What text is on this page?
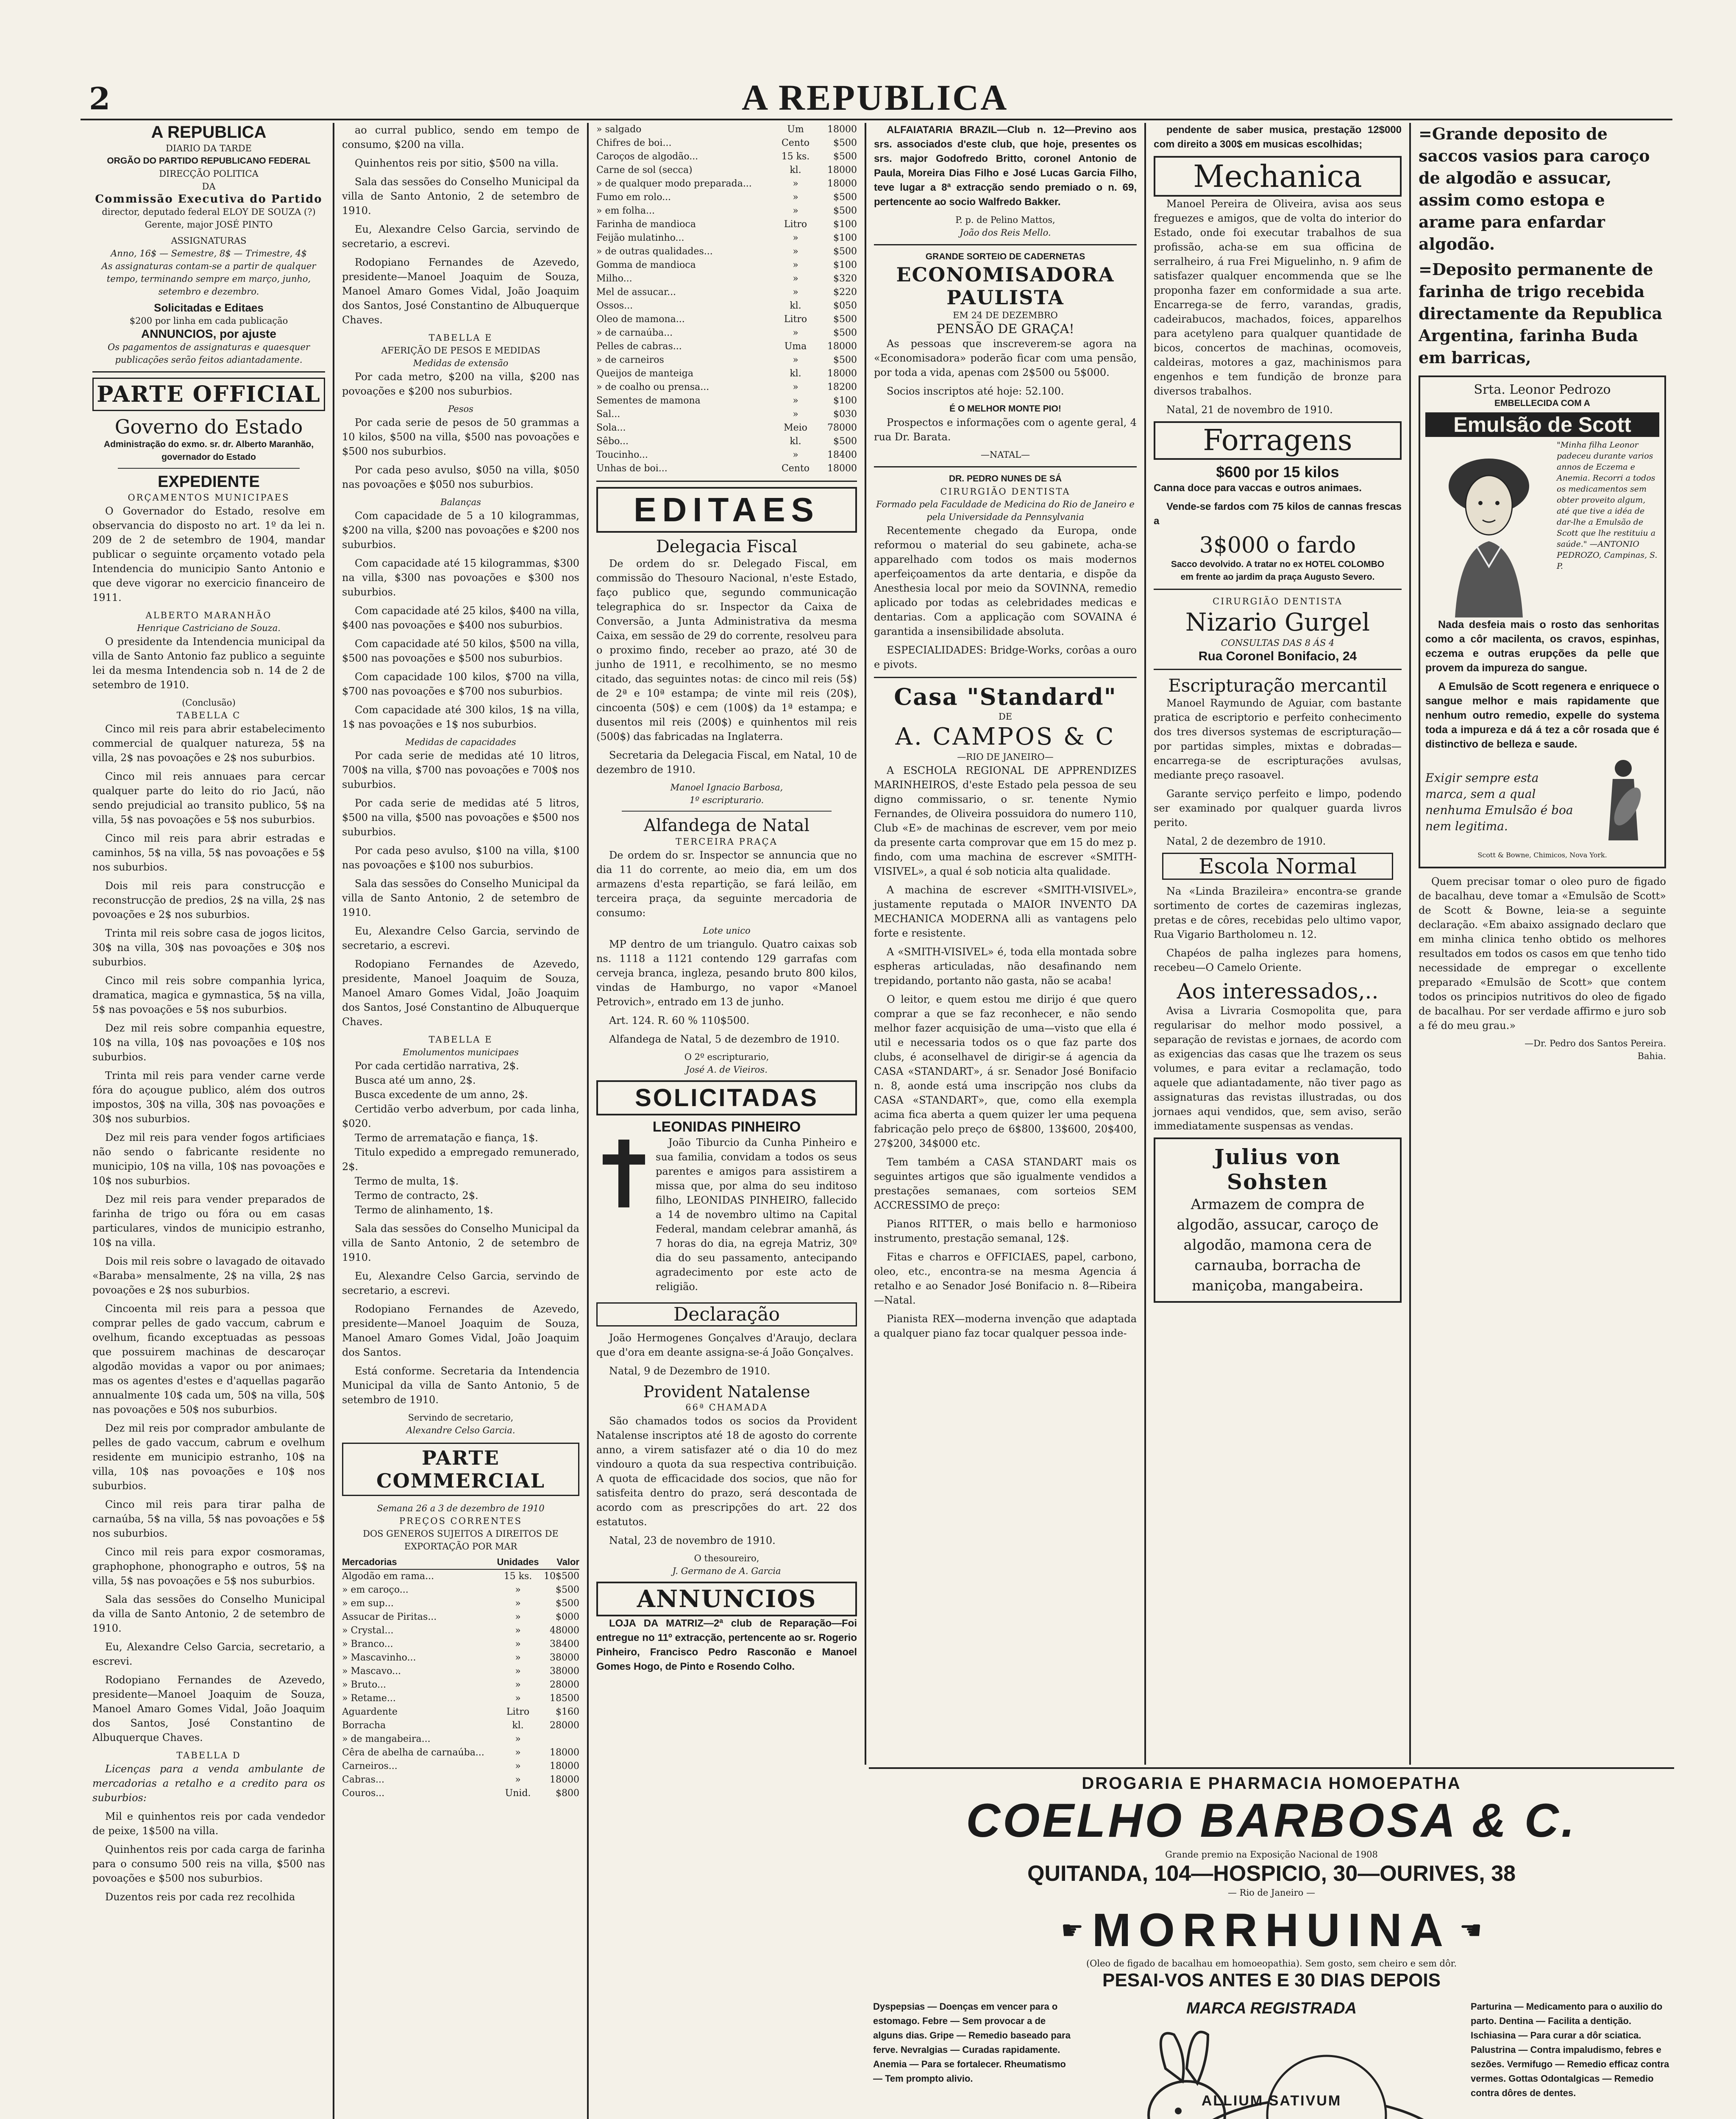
2	A REPUBLICA
A REPUBLICA
DIARIO DA TARDE
ORGÃO DO PARTIDO REPUBLICANO FEDERAL
DIRECÇÃO POLITICA
DA
Commissão Executiva do Partido
director, deputado federal ELOY DE SOUZA (?)
Gerente, major JOSÉ PINTO
ASSIGNATURAS
Anno, 16$ — Semestre, 8$ — Trimestre, 4$
As assignaturas contam-se a partir de qualquer tempo, terminando sempre em março, junho, setembro e dezembro.
Solicitadas e Editaes
$200 por linha em cada publicação
ANNUNCIOS, por ajuste
Os pagamentos de assignaturas e quaesquer publicações serão feitos adiantadamente.
PARTE OFFICIAL
Governo do Estado
Administração do exmo. sr. dr. Alberto Maranhão, governador do Estado
EXPEDIENTE
ORÇAMENTOS MUNICIPAES

O Governador do Estado, resolve em observancia do disposto no art. 1º da lei n. 209 de 2 de setembro de 1904, mandar publicar o seguinte orçamento votado pela Intendencia do municipio Santo Antonio e que deve vigorar no exercicio financeiro de 1911.

ALBERTO MARANHÃO
Henrique Castriciano de Souza.

O presidente da Intendencia municipal da villa de Santo Antonio faz publico a seguinte lei da mesma Intendencia sob n. 14 de 2 de setembro de 1910.

(Conclusão)
TABELLA C

Cinco mil reis para abrir estabelecimento commercial de qualquer natureza, 5$ na villa, 2$ nas povoações e 2$ nos suburbios.

Cinco mil reis annuaes para cercar qualquer parte do leito do rio Jacú, não sendo prejudicial ao transito publico, 5$ na villa, 5$ nas povoações e 5$ nos suburbios.

Cinco mil reis para abrir estradas e caminhos, 5$ na villa, 5$ nas povoações e 5$ nos suburbios.

Dois mil reis para construcção e reconstrucção de predios, 2$ na villa, 2$ nas povoações e 2$ nos suburbios.

Trinta mil reis sobre casa de jogos licitos, 30$ na villa, 30$ nas povoações e 30$ nos suburbios.

Cinco mil reis sobre companhia lyrica, dramatica, magica e gymnastica, 5$ na villa, 5$ nas povoações e 5$ nos suburbios.

Dez mil reis sobre companhia equestre, 10$ na villa, 10$ nas povoações e 10$ nos suburbios.

Trinta mil reis para vender carne verde fóra do açougue publico, além dos outros impostos, 30$ na villa, 30$ nas povoações e 30$ nos suburbios.

Dez mil reis para vender fogos artificiaes não sendo o fabricante residente no municipio, 10$ na villa, 10$ nas povoações e 10$ nos suburbios.

Dez mil reis para vender preparados de farinha de trigo ou fóra ou em casas particulares, vindos de municipio estranho, 10$ na villa.

Dois mil reis sobre o lavagado de oitavado «Baraba» mensalmente, 2$ na villa, 2$ nas povoações e 2$ nos suburbios.

Cincoenta mil reis para a pessoa que comprar pelles de gado vaccum, cabrum e ovelhum, ficando exceptuadas as pessoas que possuirem machinas de descaroçar algodão movidas a vapor ou por animaes; mas os agentes d'estes e d'aquellas pagarão annualmente 10$ cada um, 50$ na villa, 50$ nas povoações e 50$ nos suburbios.

Dez mil reis por comprador ambulante de pelles de gado vaccum, cabrum e ovelhum residente em municipio estranho, 10$ na villa, 10$ nas povoações e 10$ nos suburbios.

Cinco mil reis para tirar palha de carnaúba, 5$ na villa, 5$ nas povoações e 5$ nos suburbios.

Cinco mil reis para expor cosmoramas, graphophone, phonographo e outros, 5$ na villa, 5$ nas povoações e 5$ nos suburbios.

Sala das sessões do Conselho Municipal da villa de Santo Antonio, 2 de setembro de 1910.

Eu, Alexandre Celso Garcia, secretario, a escrevi.

Rodopiano Fernandes de Azevedo, presidente—Manoel Joaquim de Souza, Manoel Amaro Gomes Vidal, João Joaquim dos Santos, José Constantino de Albuquerque Chaves.

TABELLA D

Licenças para a venda ambulante de mercadorias a retalho e a credito para os suburbios:

Mil e quinhentos reis por cada vendedor de peixe, 1$500 na villa.

Quinhentos reis por cada carga de farinha para o consumo 500 reis na villa, $500 nas povoações e $500 nos suburbios.

Duzentos reis por cada rez recolhida

ao curral publico, sendo em tempo de consumo, $200 na villa.

Quinhentos reis por sitio, $500 na villa.

Sala das sessões do Conselho Municipal da villa de Santo Antonio, 2 de setembro de 1910.

Eu, Alexandre Celso Garcia, servindo de secretario, a escrevi.

Rodopiano Fernandes de Azevedo, presidente—Manoel Joaquim de Souza, Manoel Amaro Gomes Vidal, João Joaquim dos Santos, José Constantino de Albuquerque Chaves.

TABELLA E
AFERIÇÃO DE PESOS E MEDIDAS
Medidas de extensão

Por cada metro, $200 na villa, $200 nas povoações e $200 nos suburbios.

Pesos

Por cada serie de pesos de 50 grammas a 10 kilos, $500 na villa, $500 nas povoações e $500 nos suburbios.

Por cada peso avulso, $050 na villa, $050 nas povoações e $050 nos suburbios.

Balanças

Com capacidade de 5 a 10 kilogrammas, $200 na villa, $200 nas povoações e $200 nos suburbios.

Com capacidade até 15 kilogrammas, $300 na villa, $300 nas povoações e $300 nos suburbios.

Com capacidade até 25 kilos, $400 na villa, $400 nas povoações e $400 nos suburbios.

Com capacidade até 50 kilos, $500 na villa, $500 nas povoações e $500 nos suburbios.

Com capacidade 100 kilos, $700 na villa, $700 nas povoações e $700 nos suburbios.

Com capacidade até 300 kilos, 1$ na villa, 1$ nas povoações e 1$ nos suburbios.

Medidas de capacidades

Por cada serie de medidas até 10 litros, 700$ na villa, $700 nas povoações e 700$ nos suburbios.

Por cada serie de medidas até 5 litros, $500 na villa, $500 nas povoações e $500 nos suburbios.

Por cada peso avulso, $100 na villa, $100 nas povoações e $100 nos suburbios.

Sala das sessões do Conselho Municipal da villa de Santo Antonio, 2 de setembro de 1910.

Eu, Alexandre Celso Garcia, servindo de secretario, a escrevi.

Rodopiano Fernandes de Azevedo, presidente, Manoel Joaquim de Souza, Manoel Amaro Gomes Vidal, João Joaquim dos Santos, José Constantino de Albuquerque Chaves.

TABELLA E
Emolumentos municipaes

Por cada certidão narrativa, 2$.

Busca até um anno, 2$.

Busca excedente de um anno, 2$.

Certidão verbo adverbum, por cada linha, $020.

Termo de arrematação e fiança, 1$.

Titulo expedido a empregado remunerado, 2$.

Termo de multa, 1$.

Termo de contracto, 2$.

Termo de alinhamento, 1$.

Sala das sessões do Conselho Municipal da villa de Santo Antonio, 2 de setembro de 1910.

Eu, Alexandre Celso Garcia, servindo de secretario, a escrevi.

Rodopiano Fernandes de Azevedo, presidente—Manoel Joaquim de Souza, Manoel Amaro Gomes Vidal, João Joaquim dos Santos.

Está conforme. Secretaria da Intendencia Municipal da villa de Santo Antonio, 5 de setembro de 1910.

Servindo de secretario,
Alexandre Celso Garcia.
PARTE COMMERCIAL
Semana 26 a 3 de dezembro de 1910
PREÇOS CORRENTES
DOS GENEROS SUJEITOS A DIREITOS DE EXPORTAÇÃO POR MAR
Mercadorias	Unidades	Valor
Algodão em rama...	15 ks.	10$500
» em caroço...	»	$500
» em sup...	»	$500
Assucar de Piritas...	»	$000
» Crystal...	»	48000
» Branco...	»	38400
» Mascavinho...	»	38000
» Mascavo...	»	38000
» Bruto...	»	28000
» Retame...	»	18500
Aguardente	Litro	$160
Borracha	kl.	28000
» de mangabeira...	»
Cêra de abelha de carnaúba...	»	18000
Carneiros...	»	18000
Cabras...	»	18000
Couros...	Unid.	$800
» salgado	Um	18000
Chifres de boi...	Cento	$500
Caroços de algodão...	15 ks.	$500
Carne de sol (secca)	kl.	18000
» de qualquer modo preparada...	»	18000
Fumo em rolo...	»	$500
» em folha...	»	$500
Farinha de mandioca	Litro	$100
Feijão mulatinho...	»	$100
» de outras qualidades...	»	$500
Gomma de mandioca	»	$100
Milho...	»	$320
Mel de assucar...	»	$220
Ossos...	kl.	$050
Oleo de mamona...	Litro	$500
» de carnaúba...	»	$500
Pelles de cabras...	Uma	18000
» de carneiros	»	$500
Queijos de manteiga	kl.	18000
» de coalho ou prensa...	»	18200
Sementes de mamona	»	$100
Sal...	»	$030
Sola...	Meio	78000
Sêbo...	kl.	$500
Toucinho...	»	18400
Unhas de boi...	Cento	18000
EDITAES
Delegacia Fiscal

De ordem do sr. Delegado Fiscal, em commissão do Thesouro Nacional, n'este Estado, faço publico que, segundo communicação telegraphica do sr. Inspector da Caixa de Conversão, a Junta Administrativa da mesma Caixa, em sessão de 29 do corrente, resolveu para o proximo findo, receber ao prazo, até 30 de junho de 1911, e recolhimento, se no mesmo citado, das seguintes notas: de cinco mil reis (5$) de 2ª e 10ª estampa; de vinte mil reis (20$), cincoenta (50$) e cem (100$) da 1ª estampa; e dusentos mil reis (200$) e quinhentos mil reis (500$) das fabricadas na Inglaterra.

Secretaria da Delegacia Fiscal, em Natal, 10 de dezembro de 1910.

Manoel Ignacio Barbosa,
1º escripturario.
Alfandega de Natal
TERCEIRA PRAÇA

De ordem do sr. Inspector se annuncia que no dia 11 do corrente, ao meio dia, em um dos armazens d'esta repartição, se fará leilão, em terceira praça, da seguinte mercadoria de consumo:

Lote unico

MP dentro de um triangulo. Quatro caixas sob ns. 1118 a 1121 contendo 129 garrafas com cerveja branca, ingleza, pesando bruto 800 kilos, vindas de Hamburgo, no vapor «Manoel Petrovich», entrado em 13 de junho.

Art. 124. R. 60 % 110$500.

Alfandega de Natal, 5 de dezembro de 1910.

O 2º escripturario,
José A. de Vieiros.
SOLICITADAS
LEONIDAS PINHEIRO

João Tiburcio da Cunha Pinheiro e sua familia, convidam a todos os seus parentes e amigos para assistirem a missa que, por alma do seu inditoso filho, LEONIDAS PINHEIRO, fallecido a 14 de novembro ultimo na Capital Federal, mandam celebrar amanhã, ás 7 horas do dia, na egreja Matriz, 30º dia do seu passamento, antecipando agradecimento por este acto de religião.

Declaração

João Hermogenes Gonçalves d'Araujo, declara que d'ora em deante assigna-se-á João Gonçalves.

Natal, 9 de Dezembro de 1910.

Provident Natalense
66ª CHAMADA

São chamados todos os socios da Provident Natalense inscriptos até 18 de agosto do corrente anno, a virem satisfazer até o dia 10 do mez vindouro a quota da sua respectiva contribuição. A quota de efficacidade dos socios, que não for satisfeita dentro do prazo, será descontada de acordo com as prescripções do art. 22 dos estatutos.

Natal, 23 de novembro de 1910.

O thesoureiro,
J. Germano de A. Garcia
ANNUNCIOS

LOJA DA MATRIZ—2ª club de Reparação—Foi entregue no 11º extracção, pertencente ao sr. Rogerio Pinheiro, Francisco Pedro Rasconão e Manoel Gomes Hogo, de Pinto e Rosendo Colho.

ALFAIATARIA BRAZIL—Club n. 12—Previno aos srs. associados d'este club, que hoje, presentes os srs. major Godofredo Britto, coronel Antonio de Paula, Moreira Dias Filho e José Lucas Garcia Filho, teve lugar a 8ª extracção sendo premiado o n. 69, pertencente ao socio Walfredo Bakker.

P. p. de Pelino Mattos,
João dos Reis Mello.
GRANDE SORTEIO DE CADERNETAS
ECONOMISADORA PAULISTA
EM 24 DE DEZEMBRO
PENSÃO DE GRAÇA!

As pessoas que inscreverem-se agora na «Economisadora» poderão ficar com uma pensão, por toda a vida, apenas com 2$500 ou 5$000.

Socios inscriptos até hoje: 52.100.

É O MELHOR MONTE PIO!

Prospectos e informações com o agente geral, 4 rua Dr. Barata.

—NATAL—
DR. PEDRO NUNES DE SÁ
CIRURGIÃO DENTISTA
Formado pela Faculdade de Medicina do Rio de Janeiro e pela Universidade da Pennsylvania

Recentemente chegado da Europa, onde reformou o material do seu gabinete, acha-se apparelhado com todos os mais modernos aperfeiçoamentos da arte dentaria, e dispõe da Anesthesia local por meio da SOVINNA, remedio aplicado por todas as celebridades medicas e dentarias. Com a applicação com SOVAINA é garantida a insensibilidade absoluta.

ESPECIALIDADES: Bridge-Works, corôas a ouro e pivots.

Casa "Standard"
DE
A. CAMPOS & C
—RIO DE JANEIRO—

A ESCHOLA REGIONAL DE APPRENDIZES MARINHEIROS, d'este Estado pela pessoa de seu digno commissario, o sr. tenente Nymio Fernandes, de Oliveira possuidora do numero 110, Club «E» de machinas de escrever, vem por meio da presente carta comprovar que em 15 do mez p. findo, com uma machina de escrever «SMITH-VISIVEL», a qual é sob noticia alta qualidade.

A machina de escrever «SMITH-VISIVEL», justamente reputada o MAIOR INVENTO DA MECHANICA MODERNA alli as vantagens pelo forte e resistente.

A «SMITH-VISIVEL» é, toda ella montada sobre espheras articuladas, não desafinando nem trepidando, portanto não gasta, não se acaba!

O leitor, e quem estou me dirijo é que quero comprar a que se faz reconhecer, e não sendo melhor fazer acquisição de uma—visto que ella é util e necessaria todos os o que faz parte dos clubs, é aconselhavel de dirigir-se á agencia da CASA «STANDART», á sr. Senador José Bonifacio n. 8, aonde está uma inscripção nos clubs da CASA «STANDART», que, como ella exempla acima fica aberta a quem quizer ler uma pequena fabricação pelo preço de 6$800, 13$600, 20$400, 27$200, 34$000 etc.

Tem também a CASA STANDART mais os seguintes artigos que são igualmente vendidos a prestações semanaes, com sorteios SEM ACCRESSIMO de preço:

Pianos RITTER, o mais bello e harmonioso instrumento, prestação semanal, 12$.

Fitas e charros e OFFICIAES, papel, carbono, oleo, etc., encontra-se na mesma Agencia á retalho e ao Senador José Bonifacio n. 8—Ribeira—Natal.

Pianista REX—moderna invenção que adaptada a qualquer piano faz tocar qualquer pessoa inde-

pendente de saber musica, prestação 12$000 com direito a 300$ em musicas escolhidas;

Mechanica

Manoel Pereira de Oliveira, avisa aos seus freguezes e amigos, que de volta do interior do Estado, onde foi executar trabalhos de sua profissão, acha-se em sua officina de serralheiro, á rua Frei Miguelinho, n. 9 afim de satisfazer qualquer encommenda que se lhe proponha fazer em conformidade a sua arte. Encarrega-se de ferro, varandas, gradis, cadeirabucos, machados, foices, apparelhos para acetyleno para qualquer quantidade de bicos, concertos de machinas, ocomoveis, caldeiras, motores a gaz, machinismos para engenhos e tem fundição de bronze para diversos trabalhos.

Natal, 21 de novembro de 1910.

Forragens
$600 por 15 kilos

Canna doce para vaccas e outros animaes.

Vende-se fardos com 75 kilos de cannas frescas a

3$000 o fardo
Sacco devolvido. A tratar no ex HOTEL COLOMBO
em frente ao jardim da praça Augusto Severo.
CIRURGIÃO DENTISTA
Nizario Gurgel
CONSULTAS DAS 8 ÁS 4
Rua Coronel Bonifacio, 24
Escripturação mercantil

Manoel Raymundo de Aguiar, com bastante pratica de escriptorio e perfeito conhecimento dos tres diversos systemas de escripturação—por partidas simples, mixtas e dobradas—encarrega-se de escripturações avulsas, mediante preço rasoavel.

Garante serviço perfeito e limpo, podendo ser examinado por qualquer guarda livros perito.

Natal, 2 de dezembro de 1910.

Escola Normal

Na «Linda Brazileira» encontra-se grande sortimento de cortes de cazemiras inglezas, pretas e de côres, recebidas pelo ultimo vapor, Rua Vigario Bartholomeu n. 12.

Chapéos de palha inglezes para homens, recebeu—O Camelo Oriente.

Aos interessados,..

Avisa a Livraria Cosmopolita que, para regularisar do melhor modo possivel, a separação de revistas e jornaes, de acordo com as exigencias das casas que lhe trazem os seus volumes, e para evitar a reclamação, todo aquele que adiantadamente, não tiver pago as assignaturas das revistas illustradas, ou dos jornaes aqui vendidos, que, sem aviso, serão immediatamente suspensas as vendas.

Julius von Sohsten
Armazem de compra de algodão, assucar, caroço de algodão, mamona cera de carnauba, borracha de maniçoba, mangabeira.
=Grande deposito de saccos vasios para caroço de algodão e assucar, assim como estopa e arame para enfardar algodão.
=Deposito permanente de farinha de trigo recebida directamente da Republica Argentina, farinha Buda em barricas,
Srta. Leonor Pedrozo
EMBELLECIDA COM A
Emulsão de Scott
"Minha filha Leonor padeceu durante varios annos de Eczema e Anemia. Recorri a todos os medicamentos sem obter proveito algum, até que tive a idéa de dar-lhe a Emulsão de Scott que lhe restituiu a saúde." —ANTONIO PEDROZO, Campinas, S. P.

Nada desfeia mais o rosto das senhoritas como a côr macilenta, os cravos, espinhas, eczema e outras erupções da pelle que provem da impureza do sangue.

A Emulsão de Scott regenera e enriquece o sangue melhor e mais rapidamente que nenhum outro remedio, expelle do systema toda a impureza e dá á tez a côr rosada que é distinctivo de belleza e saude.

Exigir sempre esta marca, sem a qual nenhuma Emulsão é boa nem legitima.
Scott & Bowne, Chimicos, Nova York.

Quem precisar tomar o oleo puro de figado de bacalhau, deve tomar a «Emulsão de Scott» de Scott & Bowne, leia-se a seguinte declaração. «Em abaixo assignado declaro que em minha clinica tenho obtido os melhores resultados em todos os casos em que tenho tido necessidade de empregar o excellente preparado «Emulsão de Scott» que contem todos os principios nutritivos do oleo de figado de bacalhau. Por ser verdade affirmo e juro sob a fé do meu grau.»

—Dr. Pedro dos Santos Pereira.
Bahia.
DROGARIA E PHARMACIA HOMOEPATHA
COELHO BARBOSA & C.
Grande premio na Exposição Nacional de 1908
QUITANDA, 104—HOSPICIO, 30—OURIVES, 38
— Rio de Janeiro —
☛ MORRHUINA ☚
(Oleo de figado de bacalhau em homoeopathia). Sem gosto, sem cheiro e sem dôr.
PESAI-VOS ANTES E 30 DIAS DEPOIS
Dyspepsias — Doenças em vencer para o estomago. Febre — Sem provocar a de alguns dias. Gripe — Remedio baseado para ferve. Nevralgias — Curadas rapidamente. Anemia — Para se fortalecer. Rheumatismo — Tem prompto alivio.
MARCA REGISTRADA
ALLIUM SATIVUM
Parturina — Medicamento para o auxilio do parto. Dentina — Facilita a dentição. Ischiasina — Para curar a dôr sciatica. Palustrina — Contra impaludismo, febres e sezões. Vermifugo — Remedio efficaz contra vermes. Gottas Odontalgicas — Remedio contra dôres de dentes.
